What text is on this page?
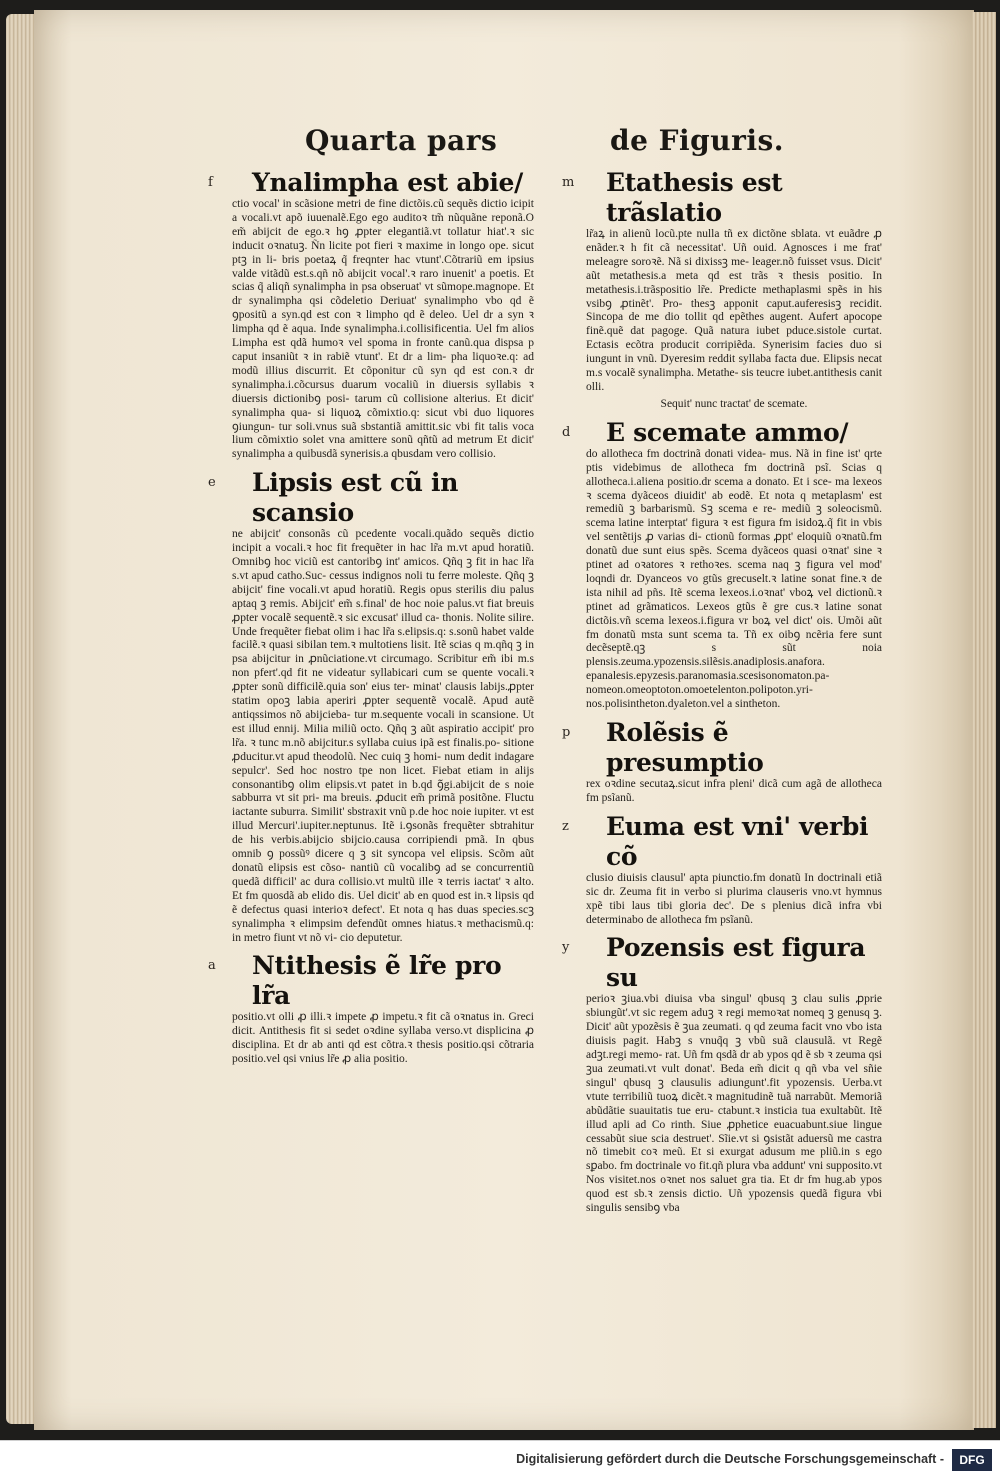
Quarta pars	de Figuris.
f Ynalimpha est abie/
ctio vocal' in scãsione metri de fine dictõis.cũ sequẽs dictio icipit a vocali.vt apõ iuuenalẽ.Ego ego auditoꝛ tm̃ nũquãne reponã.O em̃ abijcit de ego.ꝛ hꝯ ꝓpter elegantiã.vt tollatur hiat'.ꝛ sic inducit oꝛnatuꝫ. Ñn licite pot fieri ꝛ maxime in longo ope. sicut ptꝫ in li- bris poetaꝝ q̃ freqnter hac vtunt'.Cõtrariũ em ipsius valde vitãdũ est.s.qñ nõ abijcit vocal'.ꝛ raro inuenit' a poetis. Et scias q̃ aliqñ synalimpha in psa obseruat' vt sũmope.magnope. Et dr synalimpha qsi cõdeletio Deriuat' synalimpho vbo qd ẽ ꝯpositũ a syn.qd est con ꝛ limpho qd ẽ deleo. Uel dr a syn ꝛ limpha qd ẽ aqua. Inde synalimpha.i.collisificentia. Uel fm alios Limpha est qdã humoꝛ vel spoma in fronte canũ.qua dispsa p caput insaniũt ꝛ in rabiẽ vtunt'. Et dr a lim- pha liquoꝛe.q: ad modũ illius discurrit. Et cõponitur cũ syn qd est con.ꝛ dr synalimpha.i.cõcursus duarum vocaliũ in diuersis syllabis ꝛ diuersis dictionibꝯ posi- tarum cũ collisione alterius. Et dicit' synalimpha qua- si liquoꝝ cõmixtio.q: sicut vbi duo liquores ꝯiungun- tur soli.vnus suã sbstantiã amittit.sic vbi fit talis voca lium cõmixtio solet vna amittere sonũ qñtũ ad metrum Et dicit' synalimpha a quibusdã synerisis.a qbusdam vero collisio.
e Lipsis est cũ in scansio
ne abijcit' consonãs cũ pcedente vocali.quãdo sequẽs dictio incipit a vocali.ꝛ hoc fit frequẽter in hac lr̃a m.vt apud horatiũ. Omnibꝯ hoc viciũ est cantoribꝯ int' amicos. Qñq ꝫ fit in hac lr̃a s.vt apud catho.Suc- cessus indignos noli tu ferre moleste. Qñq ꝫ abijcit' fine vocali.vt apud horatiũ. Regis opus sterilis diu palus aptaq ꝫ remis. Abijcit' em̃ s.final' de hoc noie palus.vt fiat breuis ꝓpter vocalẽ sequentẽ.ꝛ sic excusat' illud ca- thonis. Nolite silire. Unde frequẽter fiebat olim i hac lr̃a s.elipsis.q: s.sonũ habet valde facilẽ.ꝛ quasi sibilan tem.ꝛ multotiens lisit. Itẽ scias q m.qñq ꝫ in psa abijcitur in ꝓnũciatione.vt circumago. Scribitur em̃ ibi m.s non pfert'.qd fit ne videatur syllabicari cum se quente vocali.ꝛ ꝓpter sonũ difficilẽ.quia son' eius ter- minat' clausis labijs.ꝓpter statim opoꝫ labia aperiri ꝓpter sequentẽ vocalẽ. Apud autẽ antiqssimos nõ abijcieba- tur m.sequente vocali in scansione. Ut est illud ennij. Milia miliũ octo. Qñq ꝫ aũt aspiratio accipit' pro lr̃a. ꝛ tunc m.nõ abijcitur.s syllaba cuius ipã est finalis.po- sitione ꝓducitur.vt apud theodolũ. Nec cuiq ꝫ homi- num dedit indagare sepulcr'. Sed hoc nostro tpe non licet. Fiebat etiam in alijs consonantibꝯ olim elipsis.vt patet in b.qd ꝯ̃gi.abijcit de s noie sabburra vt sit pri- ma breuis. ꝓducit em̃ primã positõne. Fluctu iactante suburra. Similit' sbstraxit vnũ p.de hoc noie iupiter. vt est illud Mercuri'.iupiter.neptunus. Itẽ i.ꝯsonãs frequẽter sbtrahitur de his verbis.abijcio sbijcio.causa corripiendi pmã. In qbus omnib ꝯ possũꝰ dicere q ꝫ sit syncopa vel elipsis. Scõm aũt donatũ elipsis est cõso- nantiũ cũ vocalibꝯ ad se concurrentiũ quedã difficil' ac dura collisio.vt multũ ille ꝛ terris iactat' ꝛ alto. Et fm quosdã ab elido dis. Uel dicit' ab en quod est in.ꝛ lipsis qd ẽ defectus quasi interioꝛ defect'. Et nota q has duas species.scꝫ synalimpha ꝛ elimpsim defendũt omnes hiatus.ꝛ methacismũ.q: in metro fiunt vt nõ vi- cio deputetur.
a Ntithesis ẽ lr̃e pro lr̃a
positio.vt olli ꝓ illi.ꝛ impete ꝓ impetu.ꝛ fit cã oꝛnatus in. Greci dicit. Antithesis fit si sedet oꝛdine syllaba verso.vt displicina ꝓ disciplina. Et dr ab anti qd est cõtra.ꝛ thesis positio.qsi cõtraria positio.vel qsi vnius lr̃e ꝓ alia positio.
m Etathesis est trãslatio
lr̃aꝝ in alienũ locũ.pte nulla tñ ex dictõne sblata. vt euãdre ꝓ enãder.ꝛ h fit cã necessitat'. Uñ ouid. Agnosces i me frat' meleagre soroꝛẽ. Nã si dixissꝫ me- leager.nõ fuisset vsus. Dicit' aũt metathesis.a meta qd est trãs ꝛ thesis positio. In metathesis.i.trãspositio lr̃e. Predicte methaplasmi spẽs in his vsibꝯ ꝓtinẽt'. Pro- thesꝫ apponit caput.auferesisꝫ recidit. Sincopa de me dio tollit qd epẽthes augent. Aufert apocope finẽ.quẽ dat pagoge. Quã natura iubet pduce.sistole curtat. Ectasis ecõtra producit corripiẽda. Synerisim facies duo si iungunt in vnũ. Dyeresim reddit syllaba facta due. Elipsis necat m.s vocalẽ synalimpha. Metathe- sis teucre iubet.antithesis canit olli.
Sequit' nunc tractat' de scemate.
d E scemate ammo/
do allotheca fm doctrinã donati videa- mus. Nã in fine ist' qrte ptis videbimus de allotheca fm doctrinã psĩ. Scias q allotheca.i.aliena positio.dr scema a donato. Et i sce- ma lexeos ꝛ scema dyãceos diuidit' ab eodẽ. Et nota q metaplasm' est remediũ ꝫ barbarismũ. Sꝫ scema e re- mediũ ꝫ soleocismũ. scema latine interptat' figura ꝛ est figura fm isidoꝝ.q̃ fit in vbis vel sentẽtijs ꝓ varias di- ctionũ formas ꝓpt' eloquiũ oꝛnatũ.fm donatũ due sunt eius spẽs. Scema dyãceos quasi oꝛnat' sine ꝛ ptinet ad oꝛatores ꝛ rethoꝛes. scema naq ꝫ figura vel mod' loqndi dr. Dyanceos vo gtũs grecuselt.ꝛ latine sonat fine.ꝛ de ista nihil ad pñs. Itẽ scema lexeos.i.oꝛnat' vboꝝ vel dictionũ.ꝛ ptinet ad grãmaticos. Lexeos gtũs ẽ gre cus.ꝛ latine sonat dictõis.vñ scema lexeos.i.figura vr boꝝ vel dict' ois. Umõi aũt fm donatũ msta sunt scema ta. Tñ ex oibꝯ ncẽria fere sunt decẽseptẽ.qꝫ s sũt noia plensis.zeuma.ypozensis.silẽsis.anadiplosis.anafora. epanalesis.epyzesis.paranomasia.scesisonomaton.pa- nomeon.omeoptoton.omoetelenton.polipoton.yri- nos.polisintheton.dyaleton.vel a sintheton.
p Rolẽsis ẽ presumptio
rex oꝛdine secutaꝝ.sicut infra pleni' dicã cum agã de allotheca fm psĩanũ.
z Euma est vni' verbi cõ
clusio diuisis clausul' apta piunctio.fm donatũ In doctrinali etiã sic dr. Zeuma fit in verbo si plurima clauseris vno.vt hymnus xpẽ tibi laus tibi gloria dec'. De s plenius dicã infra vbi determinabo de allotheca fm psĩanũ.
y Pozensis est figura su
perioꝛ ꝫiua.vbi diuisa vba singul' qbusq ꝫ clau sulis ꝓprie sbiungũt'.vt sic regem aduꝫ ꝛ regi memoꝛat nomeq ꝫ genusq ꝫ. Dicit' aũt ypozẽsis ẽ ꝫua zeumati. q qd zeuma facit vno vbo ista diuisis pagit. Habꝫ s vnuq̃q ꝫ vbũ suã clausulã. vt Regẽ adꝫt.regi memo- rat. Uñ fm qsdã dr ab ypos qd ẽ sb ꝛ zeuma qsi ꝫua zeumati.vt vult donat'. Beda em̃ dicit q qñ vba vel sñie singul' qbusq ꝫ clausulis adiungunt'.fit ypozensis. Uerba.vt vtute terribiliũ tuoꝝ dicẽt.ꝛ magnitudinẽ tuã narrabũt. Memoriã abũdãtie suauitatis tue eru- ctabunt.ꝛ insticia tua exultabũt. Itẽ illud apli ad Co rinth. Siue ꝓphetice euacuabunt.siue lingue cessabũt siue scia destruet'. Sĩie.vt si ꝯsistãt aduersũ me castra nõ timebit coꝛ meũ. Et si exurgat adusum me pliũ.in s ego sꝑabo. fm doctrinale vo fit.qñ plura vba addunt' vni supposito.vt Nos visitet.nos oꝛnet nos saluet gra tia. Et dr fm hug.ab ypos quod est sb.ꝛ zensis dictio. Uñ ypozensis quedã figura vbi singulis sensibꝯ vba
Digitalisierung gefördert durch die Deutsche Forschungsgemeinschaft -	DFG
